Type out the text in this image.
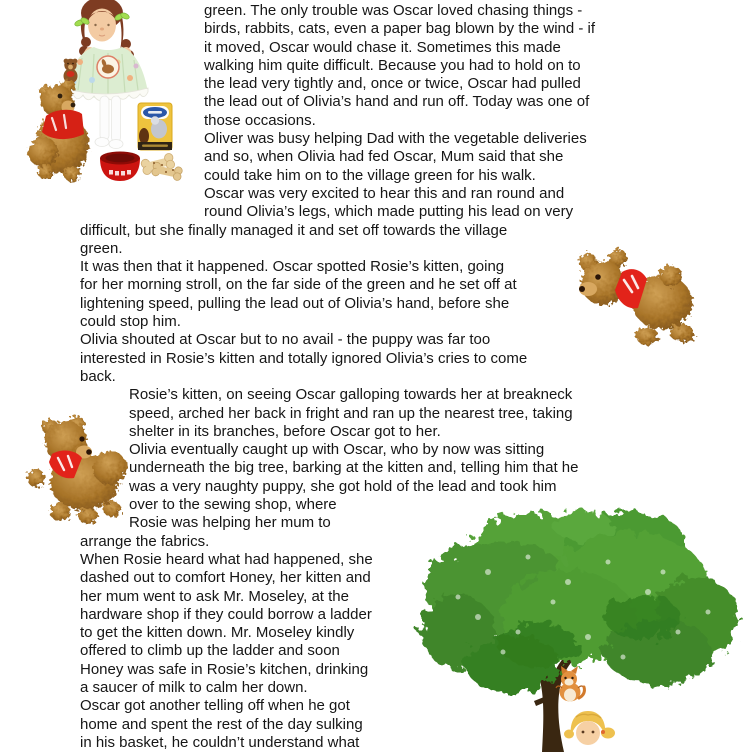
green. The only trouble was Oscar loved chasing things -
birds, rabbits, cats, even a paper bag blown by the wind - if
it moved, Oscar would chase it. Sometimes this made
walking him quite difficult. Because you had to hold on to
the lead very tightly and, once or twice, Oscar had pulled
the lead out of Olivia’s hand and run off. Today was one of
those occasions.
Oliver was busy helping Dad with the vegetable deliveries
and so, when Olivia had fed Oscar, Mum said that she
could take him on to the village green for his walk.
Oscar was very excited to hear this and ran round and
round Olivia’s legs, which made putting his lead on very
difficult, but she finally managed it and set off towards the village
green.
It was then that it happened. Oscar spotted Rosie’s kitten, going
for her morning stroll, on the far side of the green and he set off at
lightening speed, pulling the lead out of Olivia’s hand, before she
could stop him.
Olivia shouted at Oscar but to no avail - the puppy was far too
interested in Rosie’s kitten and totally ignored Olivia’s cries to come
back.
Rosie’s kitten, on seeing Oscar galloping towards her at breakneck
speed, arched her back in fright and ran up the nearest tree, taking
shelter in its branches, before Oscar got to her.
Olivia eventually caught up with Oscar, who by now was sitting
underneath the big tree, barking at the kitten and, telling him that he
was a very naughty puppy, she got hold of the lead and took him
over to the sewing shop, where
Rosie was helping her mum to
arrange the fabrics.
When Rosie heard what had happened, she
dashed out to comfort Honey, her kitten and
her mum went to ask Mr. Moseley, at the
hardware shop if they could borrow a ladder
to get the kitten down. Mr. Moseley kindly
offered to climb up the ladder and soon
Honey was safe in Rosie’s kitchen, drinking
a saucer of milk to calm her down.
Oscar got another telling off when he got
home and spent the rest of the day sulking
in his basket, he couldn’t understand what
